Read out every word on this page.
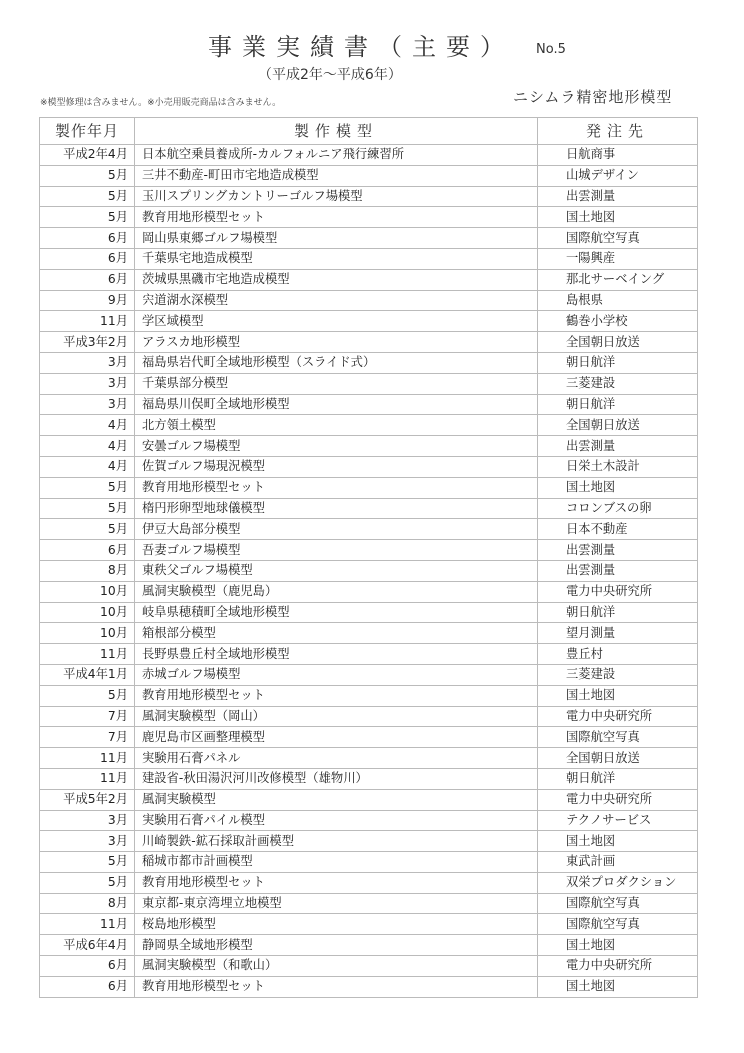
事業実績書（主要） No.5
（平成2年～平成6年）
※模型修理は含みません。※小売用販売商品は含みません。	ニシムラ精密地形模型
製作年月	製作模型	発注先
平成2年4月	日本航空乗員養成所-カルフォルニア飛行練習所	日航商事
5月	三井不動産-町田市宅地造成模型	山城デザイン
5月	玉川スプリングカントリーゴルフ場模型	出雲測量
5月	教育用地形模型セット	国土地図
6月	岡山県東郷ゴルフ場模型	国際航空写真
6月	千葉県宅地造成模型	一陽興産
6月	茨城県黒磯市宅地造成模型	那北サーベイング
9月	宍道湖水深模型	島根県
11月	学区域模型	鶴巻小学校
平成3年2月	アラスカ地形模型	全国朝日放送
3月	福島県岩代町全域地形模型（スライド式）	朝日航洋
3月	千葉県部分模型	三菱建設
3月	福島県川俣町全域地形模型	朝日航洋
4月	北方領土模型	全国朝日放送
4月	安曇ゴルフ場模型	出雲測量
4月	佐賀ゴルフ場現況模型	日栄土木設計
5月	教育用地形模型セット	国土地図
5月	楕円形卵型地球儀模型	コロンブスの卵
5月	伊豆大島部分模型	日本不動産
6月	吾妻ゴルフ場模型	出雲測量
8月	東秩父ゴルフ場模型	出雲測量
10月	風洞実験模型（鹿児島）	電力中央研究所
10月	岐阜県穂積町全域地形模型	朝日航洋
10月	箱根部分模型	望月測量
11月	長野県豊丘村全域地形模型	豊丘村
平成4年1月	赤城ゴルフ場模型	三菱建設
5月	教育用地形模型セット	国土地図
7月	風洞実験模型（岡山）	電力中央研究所
7月	鹿児島市区画整理模型	国際航空写真
11月	実験用石膏パネル	全国朝日放送
11月	建設省-秋田湯沢河川改修模型（雄物川）	朝日航洋
平成5年2月	風洞実験模型	電力中央研究所
3月	実験用石膏パイル模型	テクノサービス
3月	川崎製鉄-鉱石採取計画模型	国土地図
5月	稲城市都市計画模型	東武計画
5月	教育用地形模型セット	双栄プロダクション
8月	東京都-東京湾埋立地模型	国際航空写真
11月	桜島地形模型	国際航空写真
平成6年4月	静岡県全域地形模型	国土地図
6月	風洞実験模型（和歌山）	電力中央研究所
6月	教育用地形模型セット	国土地図
